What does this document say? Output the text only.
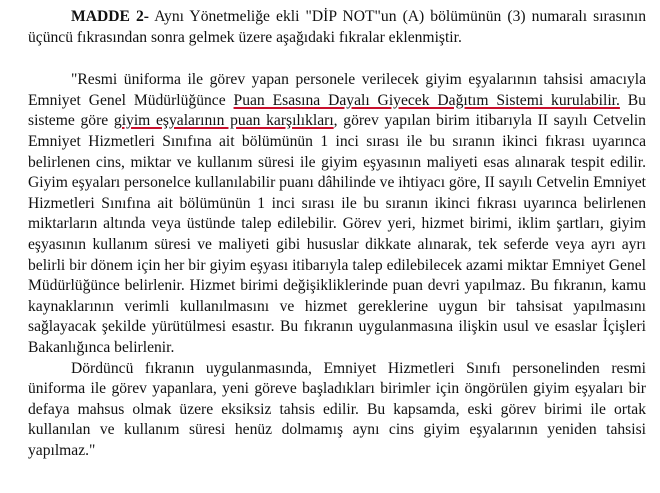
MADDE 2- Aynı Yönetmeliğe ekli "DİP NOT"un (A) bölümünün (3) numaralı sırasının üçüncü fıkrasından sonra gelmek üzere aşağıdaki fıkralar eklenmiştir.

"Resmi üniforma ile görev yapan personele verilecek giyim eşyalarının tahsisi amacıyla Emniyet Genel Müdürlüğünce Puan Esasına Dayalı Giyecek Dağıtım Sistemi kurulabilir. Bu sisteme göre giyim eşyalarının puan karşılıkları, görev yapılan birim itibarıyla II sayılı Cetvelin Emniyet Hizmetleri Sınıfına ait bölümünün 1 inci sırası ile bu sıranın ikinci fıkrası uyarınca belirlenen cins, miktar ve kullanım süresi ile giyim eşyasının maliyeti esas alınarak tespit edilir. Giyim eşyaları personelce kullanılabilir puanı dâhilinde ve ihtiyacı göre, II sayılı Cetvelin Emniyet Hizmetleri Sınıfına ait bölümünün 1 inci sırası ile bu sıranın ikinci fıkrası uyarınca belirlenen miktarların altında veya üstünde talep edilebilir. Görev yeri, hizmet birimi, iklim şartları, giyim eşyasının kullanım süresi ve maliyeti gibi hususlar dikkate alınarak, tek seferde veya ayrı ayrı belirli bir dönem için her bir giyim eşyası itibarıyla talep edilebilecek azami miktar Emniyet Genel Müdürlüğünce belirlenir. Hizmet birimi değişikliklerinde puan devri yapılmaz. Bu fıkranın, kamu kaynaklarının verimli kullanılmasını ve hizmet gereklerine uygun bir tahsisat yapılmasını sağlayacak şekilde yürütülmesi esastır. Bu fıkranın uygulanmasına ilişkin usul ve esaslar İçişleri Bakanlığınca belirlenir.

Dördüncü fıkranın uygulanmasında, Emniyet Hizmetleri Sınıfı personelinden resmi üniforma ile görev yapanlara, yeni göreve başladıkları birimler için öngörülen giyim eşyaları bir defaya mahsus olmak üzere eksiksiz tahsis edilir. Bu kapsamda, eski görev birimi ile ortak kullanılan ve kullanım süresi henüz dolmamış aynı cins giyim eşyalarının yeniden tahsisi yapılmaz."
